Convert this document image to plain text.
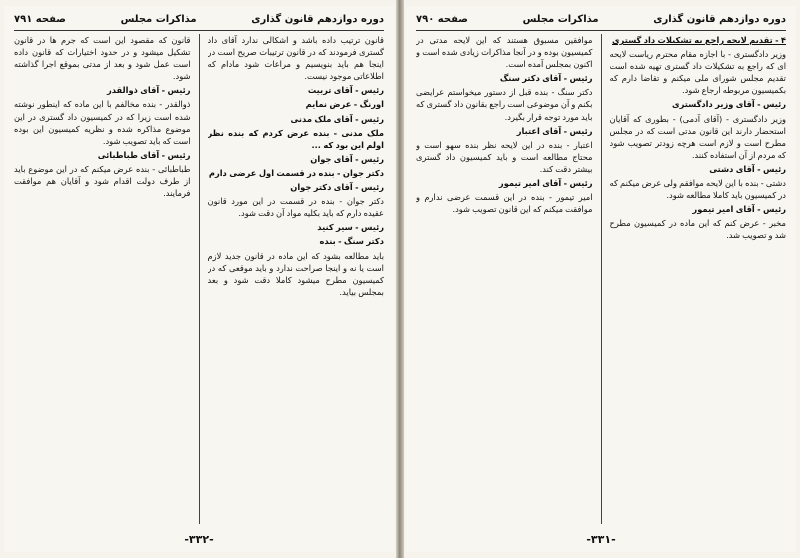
دوره دوازدهم قانون گذاری
مذاکرات مجلس
صفحه ۷۹۱

قانون ترتیب داده باشد و اشکالی ندارد آقای داد گستری فرمودند که در قانون ترتیبات صریح است در اینجا هم باید بنویسیم و مراعات شود مادام که اطلاعاتی موجود نیست.

رئیس - آقای تربیت

اورنگ - عرض نمایم

رئیس - آقای ملک مدنی

ملک مدنی - بنده عرض کردم که بنده نظر اولم این بود که ...

رئیس - آقای جوان

دکتر جوان - بنده در قسمت اول عرضی دارم

رئیس - آقای دکتر جوان

دکتر جوان - بنده در قسمت در این مورد قانون عقیده دارم که باید بکلیه مواد آن دقت شود.

رئیس - سیر کنید

دکتر سنگ - بنده

باید مطالعه بشود که این ماده در قانون جدید لازم است یا نه و اینجا صراحت ندارد و باید موقعی که در کمیسیون مطرح میشود کاملا دقت شود و بعد بمجلس بیاید.

قانون که مقصود این است که جرم ها در قانون تشکیل میشود و در حدود اختیارات که قانون داده است عمل شود و بعد از مدتی بموقع اجرا گذاشته شود.

رئیس - آقای ذوالقدر

ذوالقدر - بنده مخالفم با این ماده که اینطور نوشته شده است زیرا که در کمیسیون داد گستری در این موضوع مذاکره شده و نظریه کمیسیون این بوده است که باید تصویب شود.

رئیس - آقای طباطبائی

طباطبائی - بنده عرض میکنم که در این موضوع باید از طرف دولت اقدام شود و آقایان هم موافقت فرمایند.

-٣٣٢-
دوره دوازدهم قانون گذاری
مذاکرات مجلس
صفحه ۷۹۰

۴ - تقدیم لایحه راجع به تشکیلات داد گستری

وزیر دادگستری - با اجازه مقام محترم ریاست لایحه ای که راجع به تشکیلات داد گستری تهیه شده است تقدیم مجلس شورای ملی میکنم و تقاضا دارم که بکمیسیون مربوطه ارجاع شود.

رئیس - آقای وزیر دادگستری

وزیر دادگستری - (آقای آدمی) - بطوری که آقایان استحضار دارند این قانون مدتی است که در مجلس مطرح است و لازم است هرچه زودتر تصویب شود که مردم از آن استفاده کنند.

رئیس - آقای دشتی

دشتی - بنده با این لایحه موافقم ولی عرض میکنم که در کمیسیون باید کاملا مطالعه شود.

رئیس - آقای امیر تیمور

مخبر - عرض کنم که این ماده در کمیسیون مطرح شد و تصویب شد.

موافقین مسبوق هستند که این لایحه مدتی در کمیسیون بوده و در آنجا مذاکرات زیادی شده است و اکنون بمجلس آمده است.

رئیس - آقای دکتر سنگ

دکتر سنگ - بنده قبل از دستور میخواستم عرایضی بکنم و آن موضوعی است راجع بقانون داد گستری که باید مورد توجه قرار بگیرد.

رئیس - آقای اعتبار

اعتبار - بنده در این لایحه نظر بنده سهو است و محتاج مطالعه است و باید کمیسیون داد گستری بیشتر دقت کند.

رئیس - آقای امیر تیمور

امیر تیمور - بنده در این قسمت عرضی ندارم و موافقت میکنم که این قانون تصویب شود.

-٣٣١-
